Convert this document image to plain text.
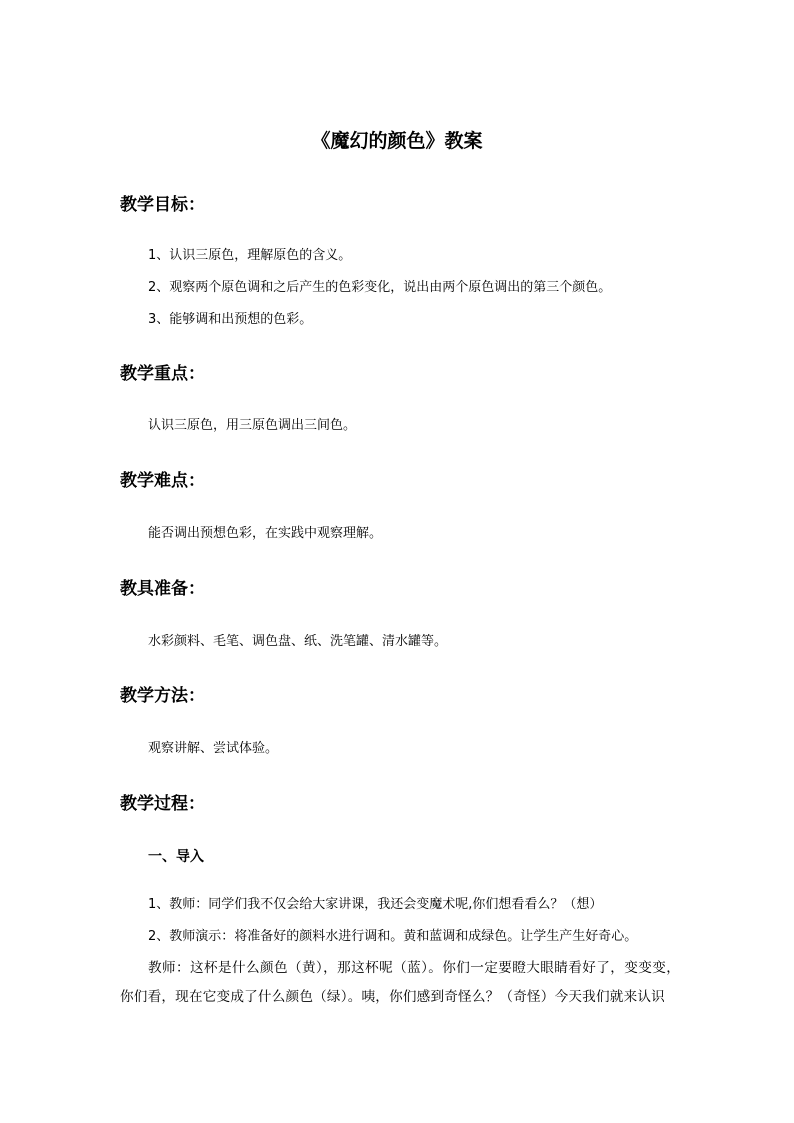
《魔幻的颜色》教案
教学目标：
1、认识三原色，理解原色的含义。
2、观察两个原色调和之后产生的色彩变化，说出由两个原色调出的第三个颜色。
3、能够调和出预想的色彩。
教学重点：
认识三原色，用三原色调出三间色。
教学难点：
能否调出预想色彩，在实践中观察理解。
教具准备：
水彩颜料、毛笔、调色盘、纸、洗笔罐、清水罐等。
教学方法：
观察讲解、尝试体验。
教学过程：
一、导入
1、教师：同学们我不仅会给大家讲课，我还会变魔术呢,你们想看看么？（想）
2、教师演示：将准备好的颜料水进行调和。黄和蓝调和成绿色。让学生产生好奇心。
教师：这杯是什么颜色（黄），那这杯呢（蓝）。你们一定要瞪大眼睛看好了，变变变，你们看，现在它变成了什么颜色（绿）。咦，你们感到奇怪么？（奇怪）今天我们就来认识
